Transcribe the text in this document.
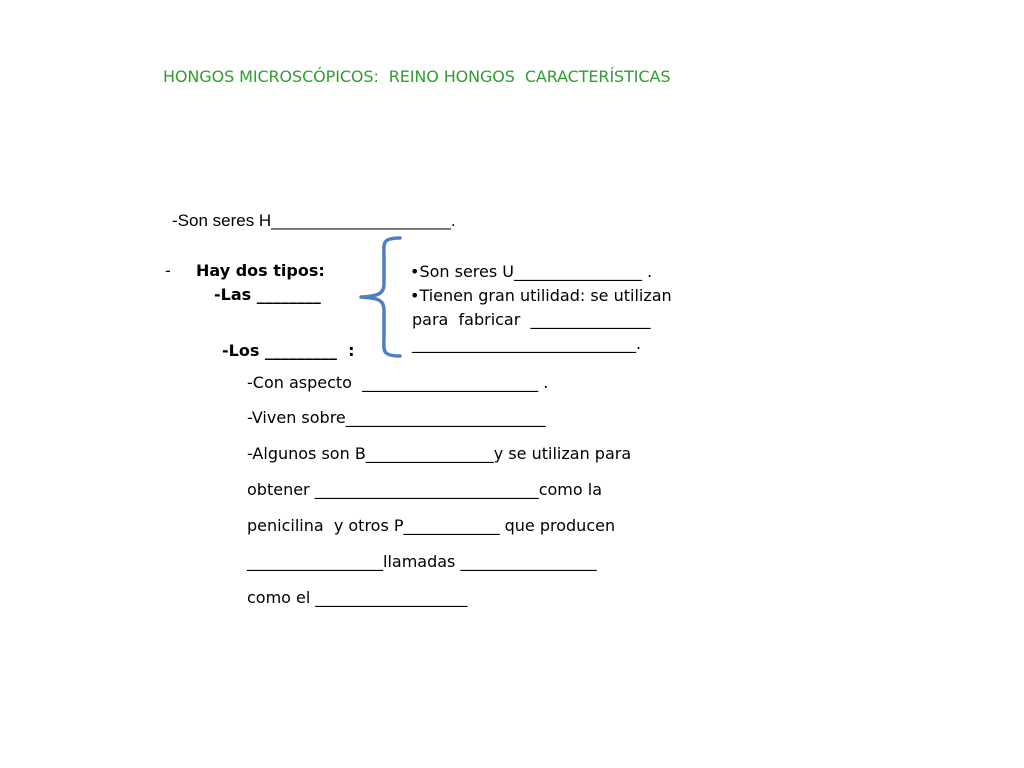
HONGOS MICROSCÓPICOS:  REINO HONGOS  CARACTERÍSTICAS
-Son seres H___________________.
- Hay dos tipos:
-Las ________
-Los _________  :
•Son seres U________________ .
•Tienen gran utilidad: se utilizan
para  fabricar  _______________
____________________________.
-Con aspecto  ______________________ .
-Viven sobre_________________________
-Algunos son B________________y se utilizan para
obtener ____________________________como la
penicilina  y otros P____________ que producen
_________________llamadas _________________
como el ___________________
